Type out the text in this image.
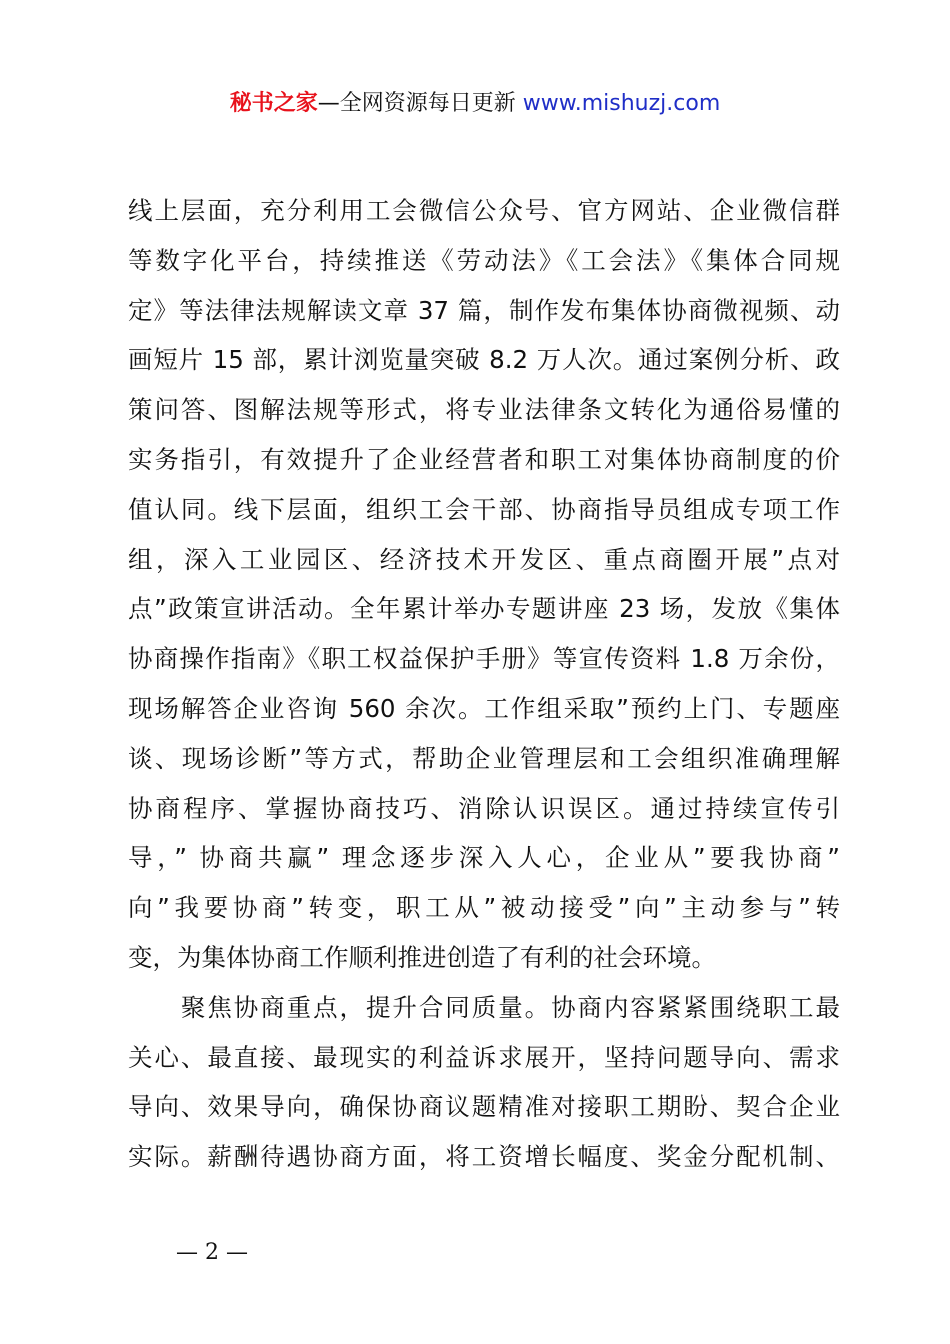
秘书之家—全网资源每日更新 www.mishuzj.com
线上层面，充分利用工会微信公众号、官方网站、企业微信群
等数字化平台，持续推送《劳动法》《工会法》《集体合同规
定》等法律法规解读文章 37 篇，制作发布集体协商微视频、动
画短片 15 部，累计浏览量突破 8.2 万人次。通过案例分析、政
策问答、图解法规等形式，将专业法律条文转化为通俗易懂的
实务指引，有效提升了企业经营者和职工对集体协商制度的价
值认同。线下层面，组织工会干部、协商指导员组成专项工作
组，深入工业园区、经济技术开发区、重点商圈开展”点对
点”政策宣讲活动。全年累计举办专题讲座 23 场，发放《集体
协商操作指南》《职工权益保护手册》等宣传资料 1.8 万余份，
现场解答企业咨询 560 余次。工作组采取”预约上门、专题座
谈、现场诊断”等方式，帮助企业管理层和工会组织准确理解
协商程序、掌握协商技巧、消除认识误区。通过持续宣传引
导，” 协商共赢” 理念逐步深入人心，企业从”要我协商”
向”我要协商”转变，职工从”被动接受”向”主动参与”转
变，为集体协商工作顺利推进创造了有利的社会环境。
　　聚焦协商重点，提升合同质量。协商内容紧紧围绕职工最
关心、最直接、最现实的利益诉求展开，坚持问题导向、需求
导向、效果导向，确保协商议题精准对接职工期盼、契合企业
实际。薪酬待遇协商方面，将工资增长幅度、奖金分配机制、
— 2 —
